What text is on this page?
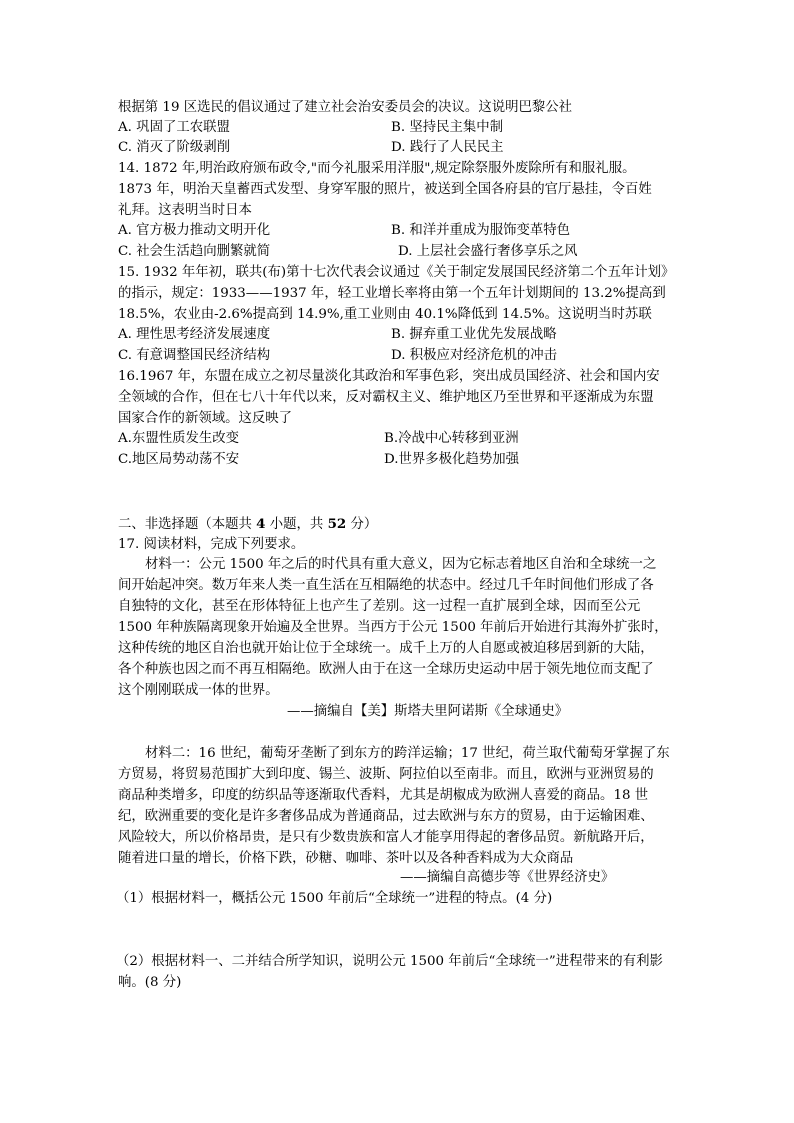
根据第 19 区选民的倡议通过了建立社会治安委员会的决议。这说明巴黎公社
A. 巩固了工农联盟	B. 坚持民主集中制
C. 消灭了阶级剥削	D. 践行了人民民主
14. 1872 年,明治政府颁布政令,"而今礼服采用洋服",规定除祭服外废除所有和服礼服。
1873 年，明治天皇蓄西式发型、身穿军服的照片，被送到全国各府县的官厅悬挂，令百姓
礼拜。这表明当时日本
A. 官方极力推动文明开化	B. 和洋并重成为服饰变革特色
C. 社会生活趋向删繁就简	D. 上层社会盛行奢侈享乐之风
15. 1932 年年初，联共(布)第十七次代表会议通过《关于制定发展国民经济第二个五年计划》
的指示，规定：1933——1937 年，轻工业增长率将由第一个五年计划期间的 13.2%提高到
18.5%，农业由-2.6%提高到 14.9%,重工业则由 40.1%降低到 14.5%。这说明当时苏联
A. 理性思考经济发展速度	B. 摒弃重工业优先发展战略
C. 有意调整国民经济结构	D. 积极应对经济危机的冲击
16.1967 年，东盟在成立之初尽量淡化其政治和军事色彩，突出成员国经济、社会和国内安
全领域的合作，但在七八十年代以来，反对霸权主义、维护地区乃至世界和平逐渐成为东盟
国家合作的新领域。这反映了
A.东盟性质发生改变	B.冷战中心转移到亚洲
C.地区局势动荡不安	D.世界多极化趋势加强
二、非选择题（本题共 4 小题，共 52 分）
17. 阅读材料，完成下列要求。
材料一：公元 1500 年之后的时代具有重大意义，因为它标志着地区自治和全球统一之
间开始起冲突。数万年来人类一直生活在互相隔绝的状态中。经过几千年时间他们形成了各
自独特的文化，甚至在形体特征上也产生了差别。这一过程一直扩展到全球，因而至公元
1500 年种族隔离现象开始遍及全世界。当西方于公元 1500 年前后开始进行其海外扩张时，
这种传统的地区自治也就开始让位于全球统一。成千上万的人自愿或被迫移居到新的大陆，
各个种族也因之而不再互相隔绝。欧洲人由于在这一全球历史运动中居于领先地位而支配了
这个刚刚联成一体的世界。
——摘编自【美】斯塔夫里阿诺斯《全球通史》
材料二：16 世纪，葡萄牙垄断了到东方的跨洋运输；17 世纪，荷兰取代葡萄牙掌握了东
方贸易，将贸易范围扩大到印度、锡兰、波斯、阿拉伯以至南非。而且，欧洲与亚洲贸易的
商品种类增多，印度的纺织品等逐渐取代香料，尤其是胡椒成为欧洲人喜爱的商品。18 世
纪，欧洲重要的变化是许多奢侈品成为普通商品，过去欧洲与东方的贸易，由于运输困难、
风险较大，所以价格昂贵，是只有少数贵族和富人才能享用得起的奢侈品贸。新航路开后，
随着进口量的增长，价格下跌，砂糖、咖啡、茶叶以及各种香料成为大众商品
——摘编自高德步等《世界经济史》
（1）根据材料一，概括公元 1500 年前后“全球统一”进程的特点。(4 分)
（2）根据材料一、二并结合所学知识，说明公元 1500 年前后“全球统一”进程带来的有利影
响。(8 分)
